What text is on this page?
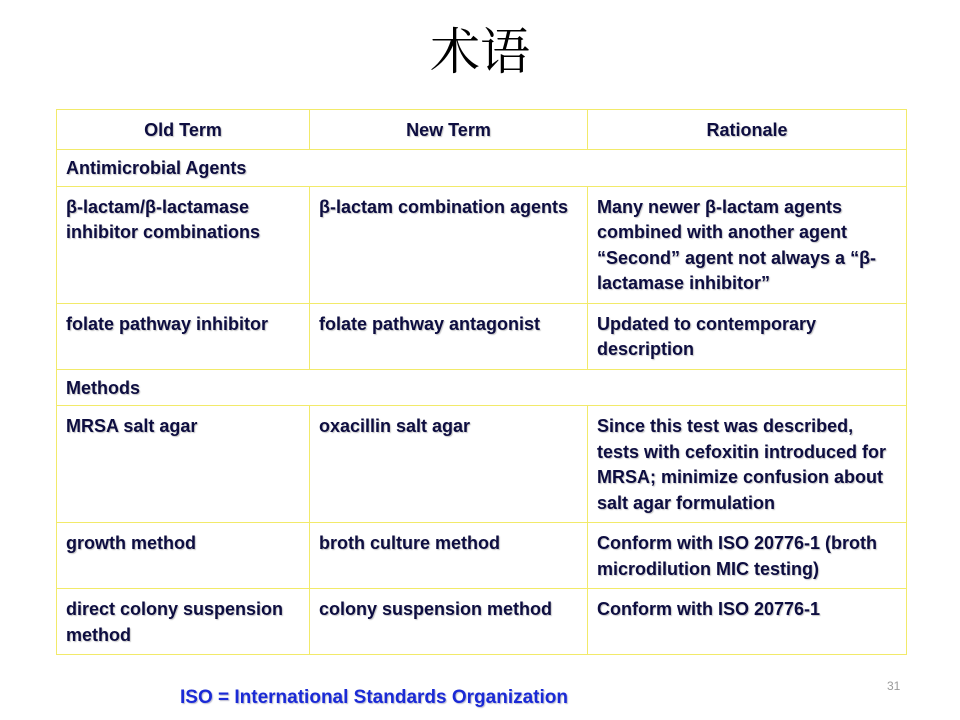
术语
Old Term	New Term	Rationale
Antimicrobial Agents		
β-lactam/β-lactamase inhibitor combinations	β-lactam combination agents	Many newer β-lactam agents combined with another agent “Second” agent not always a “β-lactamase inhibitor”
folate pathway inhibitor	folate pathway antagonist	Updated to contemporary description
Methods		
MRSA salt agar	oxacillin salt agar	Since this test was described, tests with cefoxitin introduced for MRSA; minimize confusion about salt agar formulation
growth method	broth culture method	Conform with ISO 20776-1 (broth microdilution MIC testing)
direct colony suspension method	colony suspension method	Conform with ISO 20776-1
ISO = International Standards Organization
31
